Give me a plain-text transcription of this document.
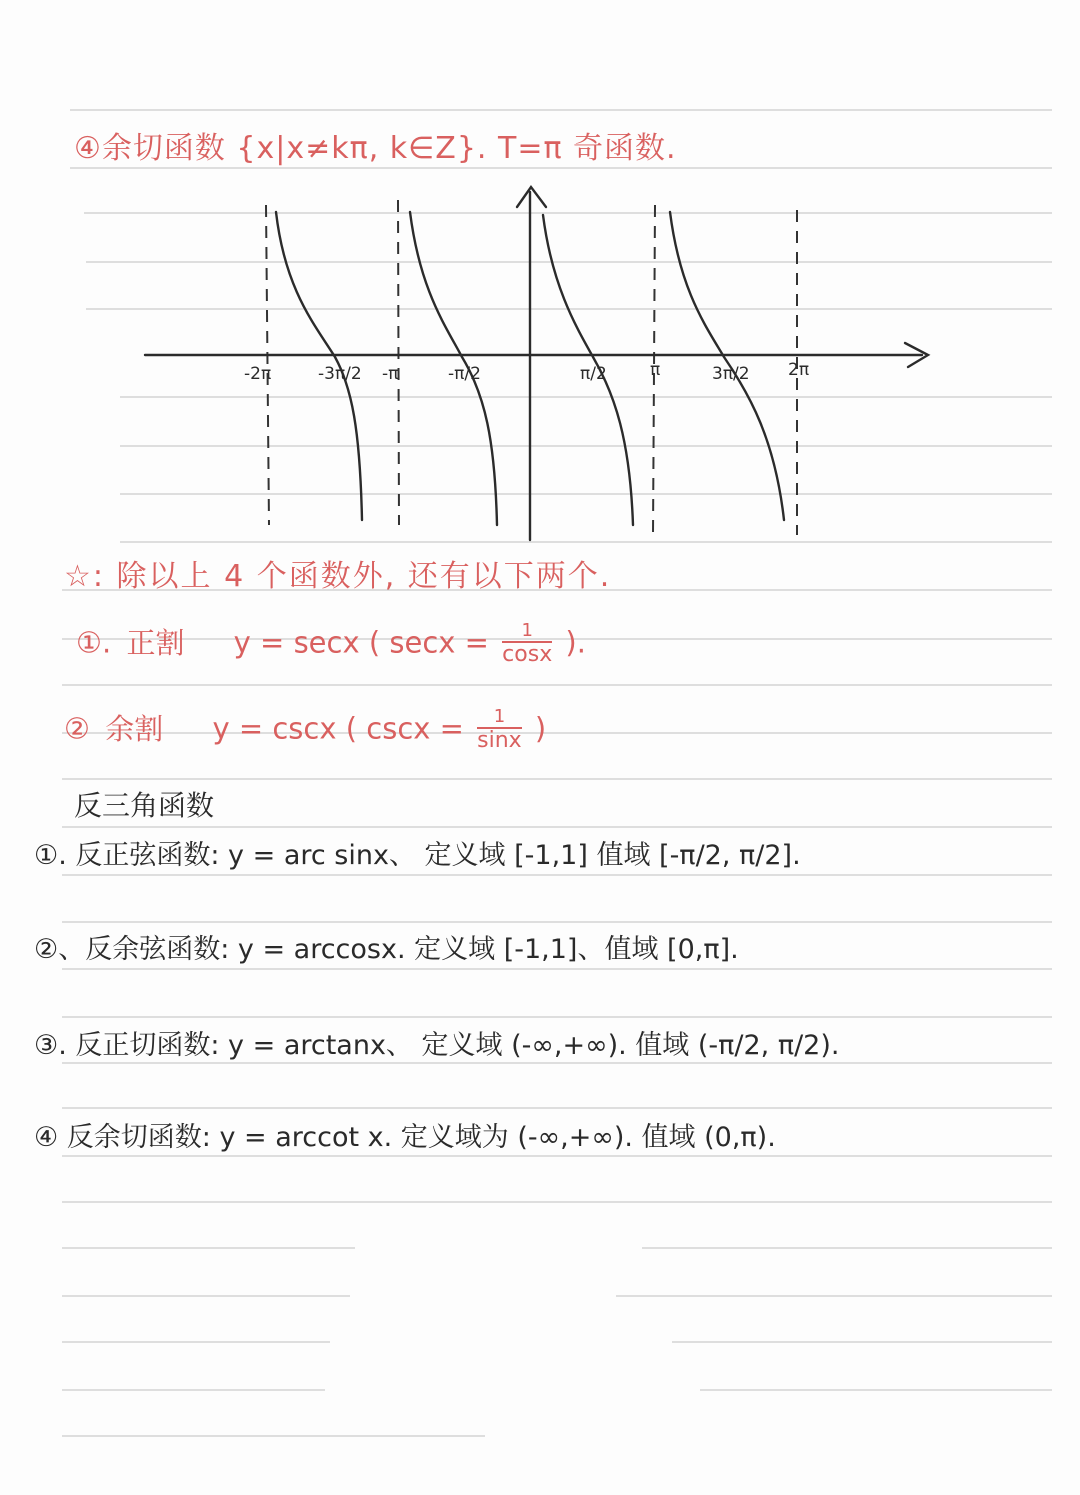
④余切函数 {x|x≠kπ, k∈Z}. T=π 奇函数.
-2π	-3π/2 -π	-π/2	π/2	π	3π/2 2π
☆: 除以上 4 个函数外, 还有以下两个.
①. 正割 y = secx ( $\sec x = \frac{1}{\cos x}$ ).
② 余割 y = cscx ( $\csc x = \frac{1}{\sin x}$ )
反三角函数
①. 反正弦函数: y = arc sinx、 定义域 [-1,1] 值域 [-π/2, π/2].
②、反余弦函数: y = arccosx. 定义域 [-1,1]、值域 [0,π].
③. 反正切函数: y = arctanx、 定义域 (-∞,+∞). 值域 (-π/2, π/2).
④ 反余切函数: y = arccot x. 定义域为 (-∞,+∞). 值域 (0,π).
